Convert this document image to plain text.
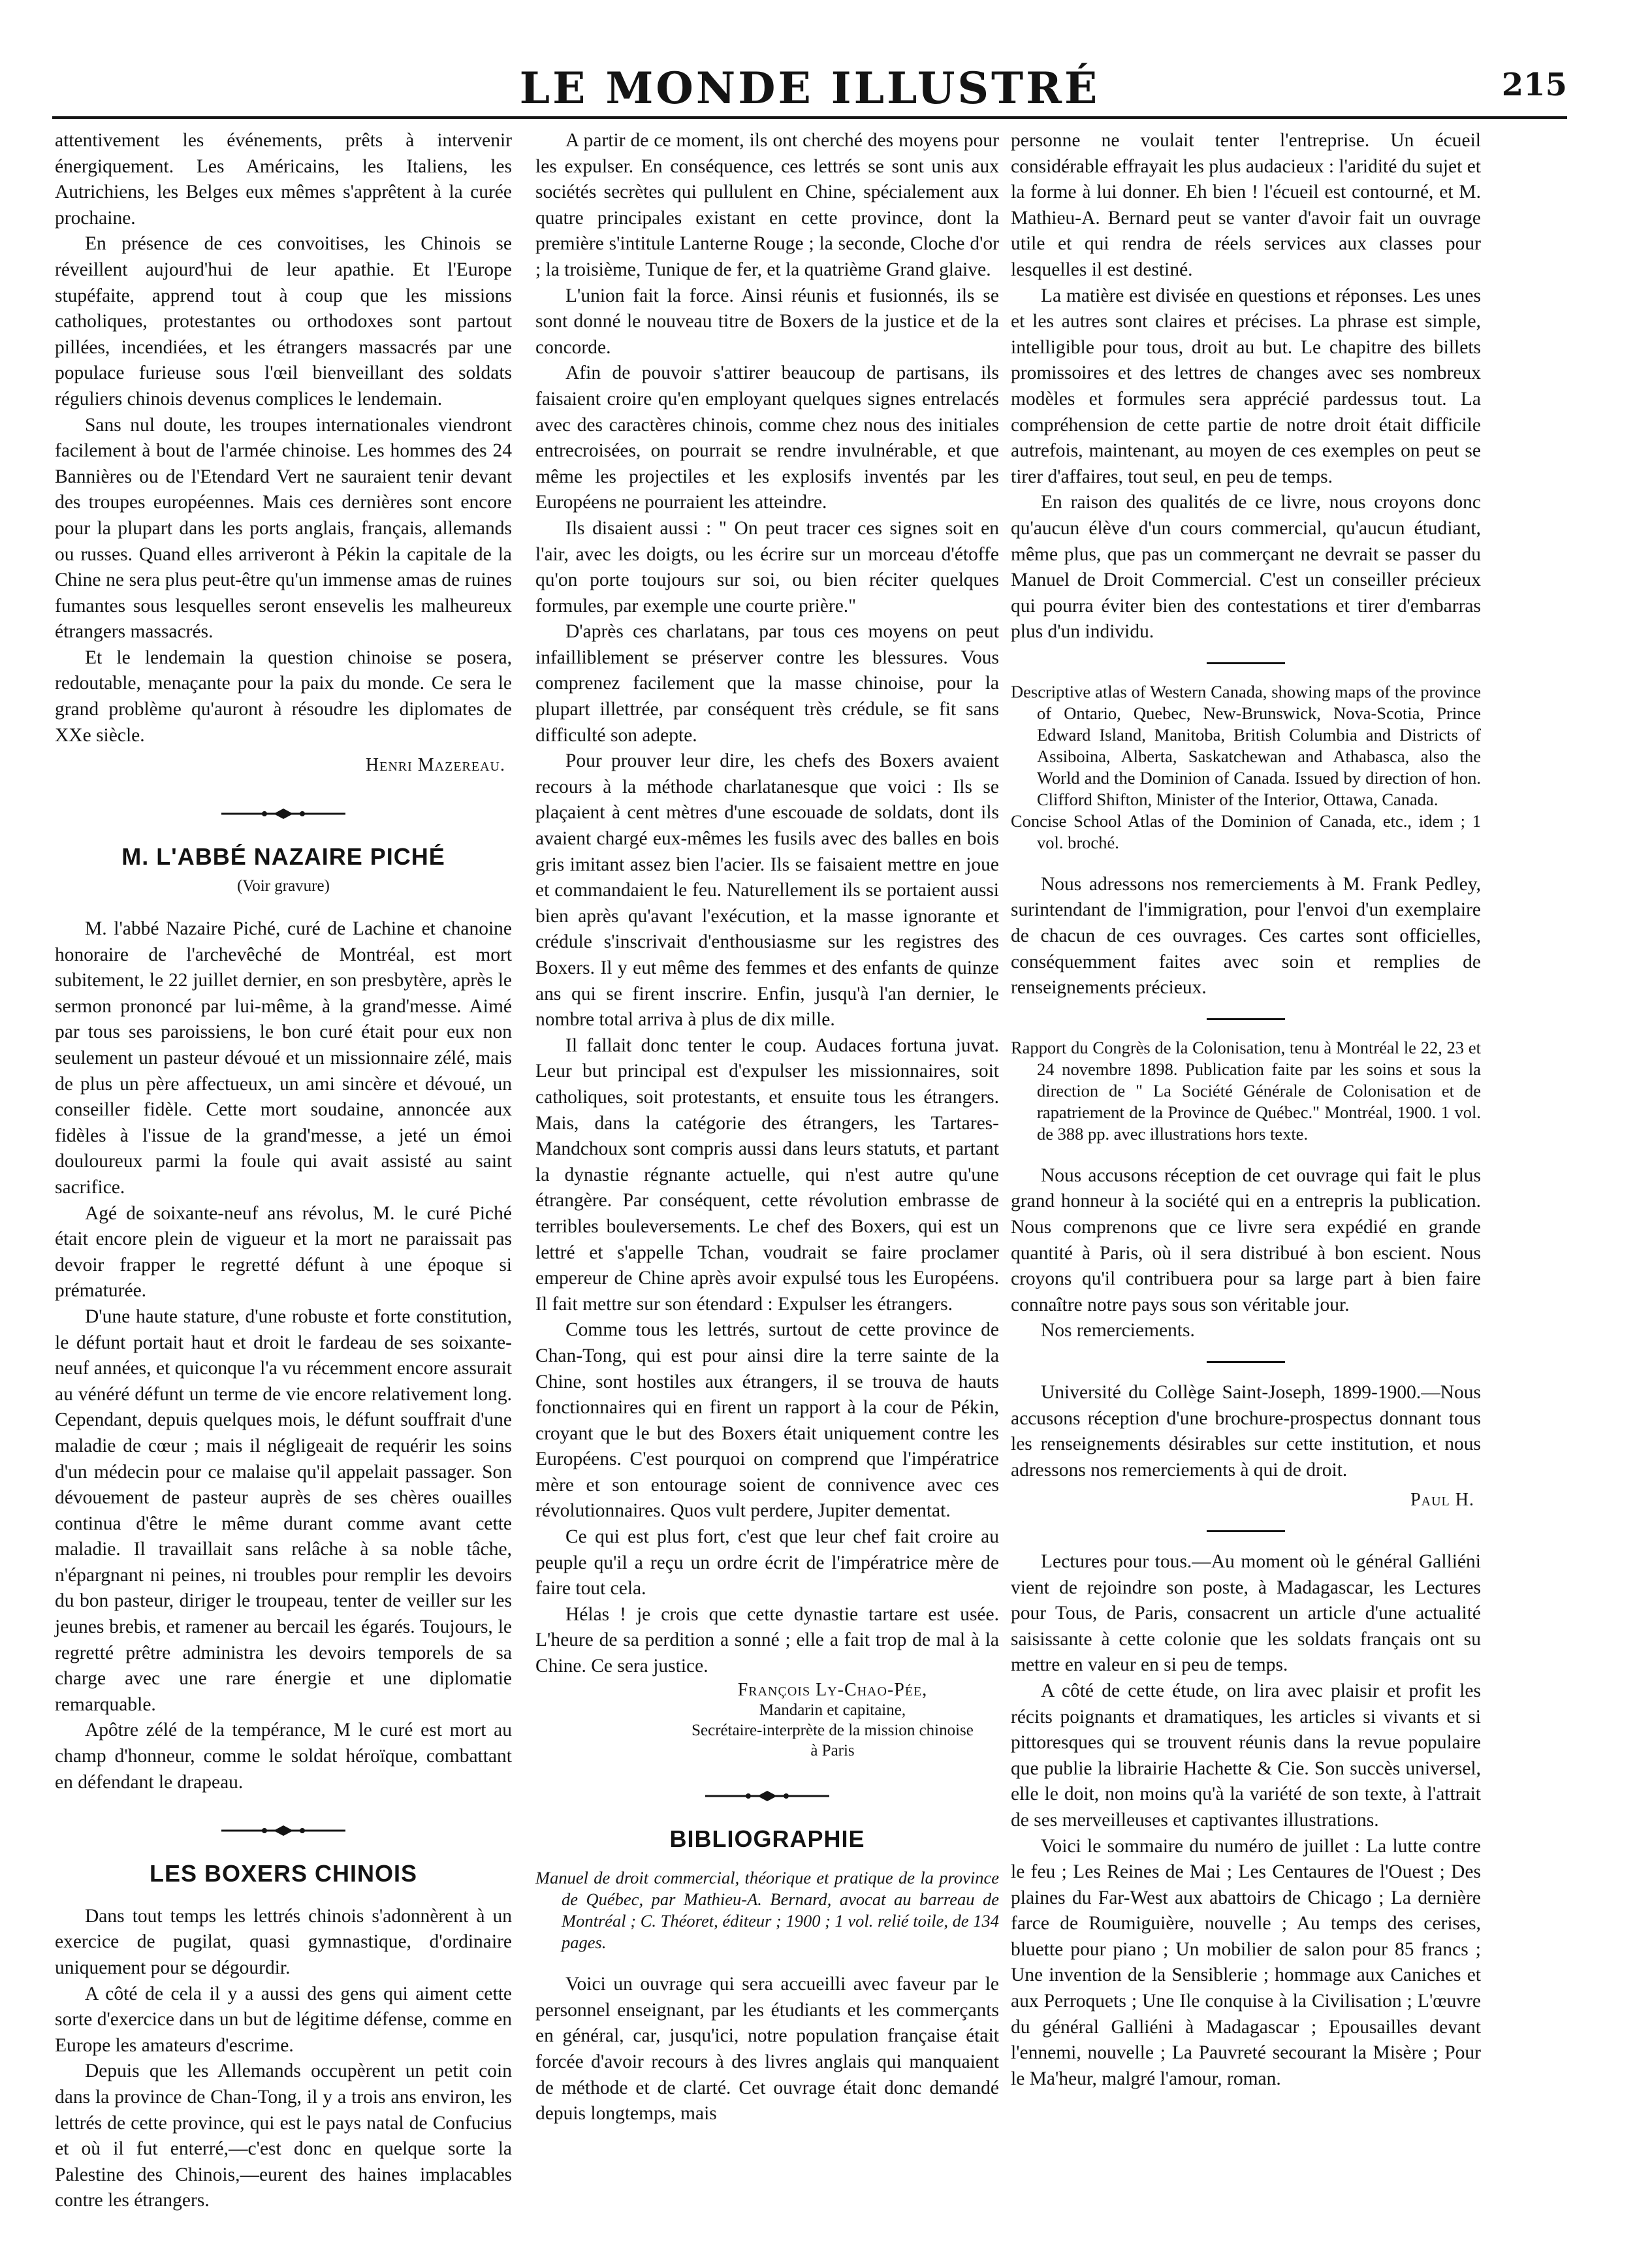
LE MONDE ILLUSTRÉ	215

attentivement les événements, prêts à intervenir énergiquement. Les Américains, les Italiens, les Autrichiens, les Belges eux mêmes s'apprêtent à la curée prochaine.

En présence de ces convoitises, les Chinois se réveillent aujourd'hui de leur apathie. Et l'Europe stupéfaite, apprend tout à coup que les missions catholiques, protestantes ou orthodoxes sont partout pillées, incendiées, et les étrangers massacrés par une populace furieuse sous l'œil bienveillant des soldats réguliers chinois devenus complices le lendemain.

Sans nul doute, les troupes internationales viendront facilement à bout de l'armée chinoise. Les hommes des 24 Bannières ou de l'Etendard Vert ne sauraient tenir devant des troupes européennes. Mais ces dernières sont encore pour la plupart dans les ports anglais, français, allemands ou russes. Quand elles arriveront à Pékin la capitale de la Chine ne sera plus peut-être qu'un immense amas de ruines fumantes sous lesquelles seront ensevelis les malheureux étrangers massacrés.

Et le lendemain la question chinoise se posera, redoutable, menaçante pour la paix du monde. Ce sera le grand problème qu'auront à résoudre les diplomates de XXe siècle.

Henri Mazereau.
M. L'ABBÉ NAZAIRE PICHÉ
(Voir gravure)

M. l'abbé Nazaire Piché, curé de Lachine et chanoine honoraire de l'archevêché de Montréal, est mort subitement, le 22 juillet dernier, en son presbytère, après le sermon prononcé par lui-même, à la grand'messe. Aimé par tous ses paroissiens, le bon curé était pour eux non seulement un pasteur dévoué et un missionnaire zélé, mais de plus un père affectueux, un ami sincère et dévoué, un conseiller fidèle. Cette mort soudaine, annoncée aux fidèles à l'issue de la grand'messe, a jeté un émoi douloureux parmi la foule qui avait assisté au saint sacrifice.

Agé de soixante-neuf ans révolus, M. le curé Piché était encore plein de vigueur et la mort ne paraissait pas devoir frapper le regretté défunt à une époque si prématurée.

D'une haute stature, d'une robuste et forte constitution, le défunt portait haut et droit le fardeau de ses soixante-neuf années, et quiconque l'a vu récemment encore assurait au vénéré défunt un terme de vie encore relativement long. Cependant, depuis quelques mois, le défunt souffrait d'une maladie de cœur ; mais il négligeait de requérir les soins d'un médecin pour ce malaise qu'il appelait passager. Son dévouement de pasteur auprès de ses chères ouailles continua d'être le même durant comme avant cette maladie. Il travaillait sans relâche à sa noble tâche, n'épargnant ni peines, ni troubles pour remplir les devoirs du bon pasteur, diriger le troupeau, tenter de veiller sur les jeunes brebis, et ramener au bercail les égarés. Toujours, le regretté prêtre administra les devoirs temporels de sa charge avec une rare énergie et une diplomatie remarquable.

Apôtre zélé de la tempérance, M le curé est mort au champ d'honneur, comme le soldat héroïque, combattant en défendant le drapeau.

LES BOXERS CHINOIS

Dans tout temps les lettrés chinois s'adonnèrent à un exercice de pugilat, quasi gymnastique, d'ordinaire uniquement pour se dégourdir.

A côté de cela il y a aussi des gens qui aiment cette sorte d'exercice dans un but de légitime défense, comme en Europe les amateurs d'escrime.

Depuis que les Allemands occupèrent un petit coin dans la province de Chan-Tong, il y a trois ans environ, les lettrés de cette province, qui est le pays natal de Confucius et où il fut enterré,—c'est donc en quelque sorte la Palestine des Chinois,—eurent des haines implacables contre les étrangers.

A partir de ce moment, ils ont cherché des moyens pour les expulser. En conséquence, ces lettrés se sont unis aux sociétés secrètes qui pullulent en Chine, spécialement aux quatre principales existant en cette province, dont la première s'intitule Lanterne Rouge ; la seconde, Cloche d'or ; la troisième, Tunique de fer, et la quatrième Grand glaive.

L'union fait la force. Ainsi réunis et fusionnés, ils se sont donné le nouveau titre de Boxers de la justice et de la concorde.

Afin de pouvoir s'attirer beaucoup de partisans, ils faisaient croire qu'en employant quelques signes entrelacés avec des caractères chinois, comme chez nous des initiales entrecroisées, on pourrait se rendre invulnérable, et que même les projectiles et les explosifs inventés par les Européens ne pourraient les atteindre.

Ils disaient aussi : " On peut tracer ces signes soit en l'air, avec les doigts, ou les écrire sur un morceau d'étoffe qu'on porte toujours sur soi, ou bien réciter quelques formules, par exemple une courte prière."

D'après ces charlatans, par tous ces moyens on peut infailliblement se préserver contre les blessures. Vous comprenez facilement que la masse chinoise, pour la plupart illettrée, par conséquent très crédule, se fit sans difficulté son adepte.

Pour prouver leur dire, les chefs des Boxers avaient recours à la méthode charlatanesque que voici : Ils se plaçaient à cent mètres d'une escouade de soldats, dont ils avaient chargé eux-mêmes les fusils avec des balles en bois gris imitant assez bien l'acier. Ils se faisaient mettre en joue et commandaient le feu. Naturellement ils se portaient aussi bien après qu'avant l'exécution, et la masse ignorante et crédule s'inscrivait d'enthousiasme sur les registres des Boxers. Il y eut même des femmes et des enfants de quinze ans qui se firent inscrire. Enfin, jusqu'à l'an dernier, le nombre total arriva à plus de dix mille.

Il fallait donc tenter le coup. Audaces fortuna juvat. Leur but principal est d'expulser les missionnaires, soit catholiques, soit protestants, et ensuite tous les étrangers. Mais, dans la catégorie des étrangers, les Tartares-Mandchoux sont compris aussi dans leurs statuts, et partant la dynastie régnante actuelle, qui n'est autre qu'une étrangère. Par conséquent, cette révolution embrasse de terribles bouleversements. Le chef des Boxers, qui est un lettré et s'appelle Tchan, voudrait se faire proclamer empereur de Chine après avoir expulsé tous les Européens. Il fait mettre sur son étendard : Expulser les étrangers.

Comme tous les lettrés, surtout de cette province de Chan-Tong, qui est pour ainsi dire la terre sainte de la Chine, sont hostiles aux étrangers, il se trouva de hauts fonctionnaires qui en firent un rapport à la cour de Pékin, croyant que le but des Boxers était uniquement contre les Européens. C'est pourquoi on comprend que l'impératrice mère et son entourage soient de connivence avec ces révolutionnaires. Quos vult perdere, Jupiter dementat.

Ce qui est plus fort, c'est que leur chef fait croire au peuple qu'il a reçu un ordre écrit de l'impératrice mère de faire tout cela.

Hélas ! je crois que cette dynastie tartare est usée. L'heure de sa perdition a sonné ; elle a fait trop de mal à la Chine. Ce sera justice.

François Ly-Chao-Pée,
Mandarin et capitaine,
Secrétaire-interprète de la mission chinoise
à Paris
BIBLIOGRAPHIE

Manuel de droit commercial, théorique et pratique de la province de Québec, par Mathieu-A. Bernard, avocat au barreau de Montréal ; C. Théoret, éditeur ; 1900 ; 1 vol. relié toile, de 134 pages.

Voici un ouvrage qui sera accueilli avec faveur par le personnel enseignant, par les étudiants et les commerçants en général, car, jusqu'ici, notre population française était forcée d'avoir recours à des livres anglais qui manquaient de méthode et de clarté. Cet ouvrage était donc demandé depuis longtemps, mais

personne ne voulait tenter l'entreprise. Un écueil considérable effrayait les plus audacieux : l'aridité du sujet et la forme à lui donner. Eh bien ! l'écueil est contourné, et M. Mathieu-A. Bernard peut se vanter d'avoir fait un ouvrage utile et qui rendra de réels services aux classes pour lesquelles il est destiné.

La matière est divisée en questions et réponses. Les unes et les autres sont claires et précises. La phrase est simple, intelligible pour tous, droit au but. Le chapitre des billets promissoires et des lettres de changes avec ses nombreux modèles et formules sera apprécié pardessus tout. La compréhension de cette partie de notre droit était difficile autrefois, maintenant, au moyen de ces exemples on peut se tirer d'affaires, tout seul, en peu de temps.

En raison des qualités de ce livre, nous croyons donc qu'aucun élève d'un cours commercial, qu'aucun étudiant, même plus, que pas un commerçant ne devrait se passer du Manuel de Droit Commercial. C'est un conseiller précieux qui pourra éviter bien des contestations et tirer d'embarras plus d'un individu.

Descriptive atlas of Western Canada, showing maps of the province of Ontario, Quebec, New-Brunswick, Nova-Scotia, Prince Edward Island, Manitoba, British Columbia and Districts of Assiboina, Alberta, Saskatchewan and Athabasca, also the World and the Dominion of Canada. Issued by direction of hon. Clifford Shifton, Minister of the Interior, Ottawa, Canada.

Concise School Atlas of the Dominion of Canada, etc., idem ; 1 vol. broché.

Nous adressons nos remerciements à M. Frank Pedley, surintendant de l'immigration, pour l'envoi d'un exemplaire de chacun de ces ouvrages. Ces cartes sont officielles, conséquemment faites avec soin et remplies de renseignements précieux.

Rapport du Congrès de la Colonisation, tenu à Montréal le 22, 23 et 24 novembre 1898. Publication faite par les soins et sous la direction de " La Société Générale de Colonisation et de rapatriement de la Province de Québec." Montréal, 1900. 1 vol. de 388 pp. avec illustrations hors texte.

Nous accusons réception de cet ouvrage qui fait le plus grand honneur à la société qui en a entrepris la publication. Nous comprenons que ce livre sera expédié en grande quantité à Paris, où il sera distribué à bon escient. Nous croyons qu'il contribuera pour sa large part à bien faire connaître notre pays sous son véritable jour.

Nos remerciements.

Université du Collège Saint-Joseph, 1899-1900.—Nous accusons réception d'une brochure-prospectus donnant tous les renseignements désirables sur cette institution, et nous adressons nos remerciements à qui de droit.

Paul H.

Lectures pour tous.—Au moment où le général Galliéni vient de rejoindre son poste, à Madagascar, les Lectures pour Tous, de Paris, consacrent un article d'une actualité saisissante à cette colonie que les soldats français ont su mettre en valeur en si peu de temps.

A côté de cette étude, on lira avec plaisir et profit les récits poignants et dramatiques, les articles si vivants et si pittoresques qui se trouvent réunis dans la revue populaire que publie la librairie Hachette & Cie. Son succès universel, elle le doit, non moins qu'à la variété de son texte, à l'attrait de ses merveilleuses et captivantes illustrations.

Voici le sommaire du numéro de juillet : La lutte contre le feu ; Les Reines de Mai ; Les Centaures de l'Ouest ; Des plaines du Far-West aux abattoirs de Chicago ; La dernière farce de Roumiguière, nouvelle ; Au temps des cerises, bluette pour piano ; Un mobilier de salon pour 85 francs ; Une invention de la Sensiblerie ; hommage aux Caniches et aux Perroquets ; Une Ile conquise à la Civilisation ; L'œuvre du général Galliéni à Madagascar ; Epousailles devant l'ennemi, nouvelle ; La Pauvreté secourant la Misère ; Pour le Ma'heur, malgré l'amour, roman.
